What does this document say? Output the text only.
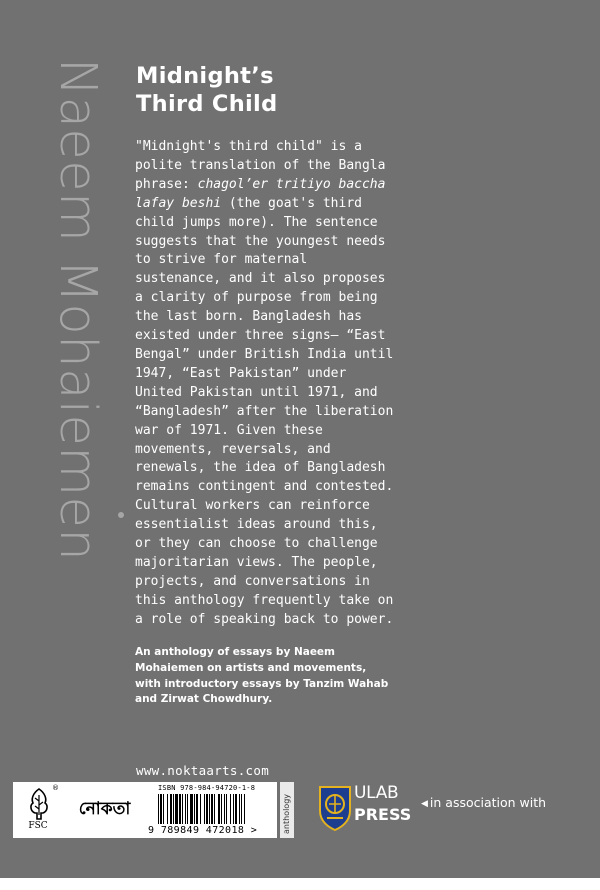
Naeem Mohaiemen Midnight’s
Third Child

"Midnight's third child" is a polite translation of the Bangla phrase: chagol’er tritiyo baccha lafay beshi (the goat's third child jumps more). The sentence suggests that the youngest needs to strive for maternal sustenance, and it also proposes a clarity of purpose from being the last born. Bangladesh has existed under three signs– “East Bengal” under British India until 1947, “East Pakistan” under United Pakistan until 1971, and “Bangladesh” after the liberation war of 1971. Given these movements, reversals, and renewals, the idea of Bangladesh remains contingent and contested. Cultural workers can reinforce essentialist ideas around this, or they can choose to challenge majoritarian views. The people, projects, and conversations in this anthology frequently take on a role of speaking back to power.

An anthology of essays by Naeem Mohaiemen on artists and movements, with introductory essays by Tanzim Wahab and Zirwat Chowdhury.
www.noktaarts.com
®
FSC
নোকতা
ISBN 978-984-94720-1-8
9 789849 472018 >	anthology
ULAB
PRESS
◀ in association with
